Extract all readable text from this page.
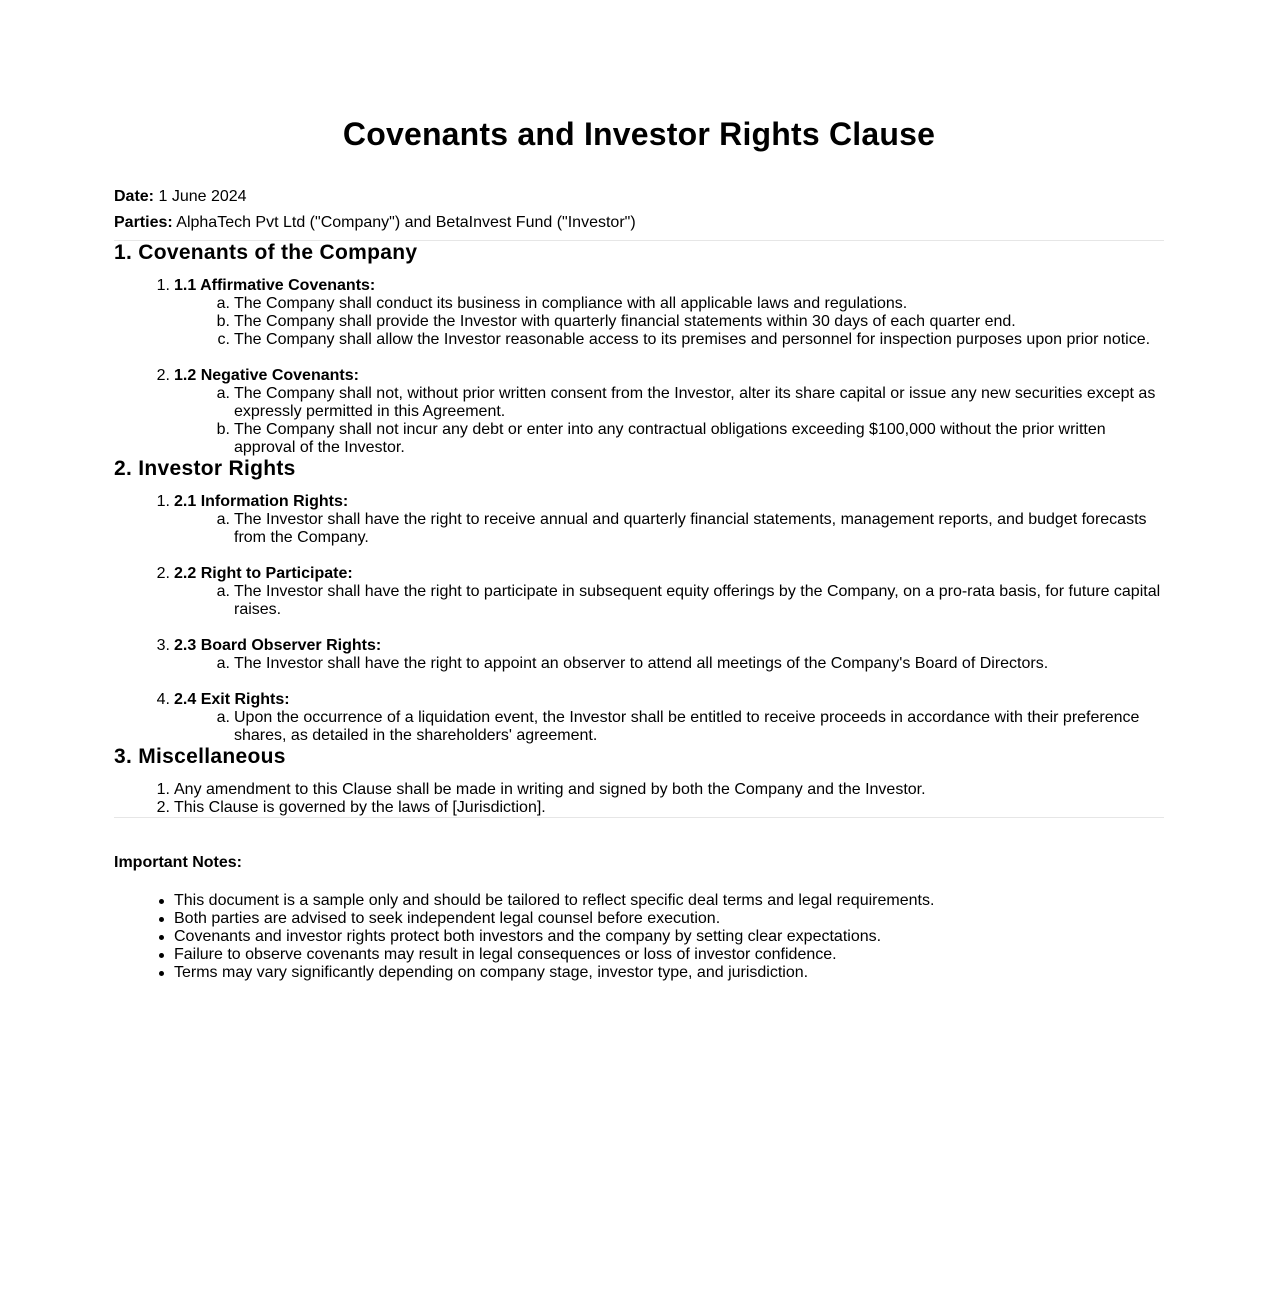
Covenants and Investor Rights Clause
Date: 1 June 2024
Parties: AlphaTech Pvt Ltd ("Company") and BetaInvest Fund ("Investor")
1. Covenants of the Company
1. 1.1 Affirmative Covenants:
a. The Company shall conduct its business in compliance with all applicable laws and regulations.
b. The Company shall provide the Investor with quarterly financial statements within 30 days of each quarter end.
c. The Company shall allow the Investor reasonable access to its premises and personnel for inspection purposes upon prior notice.
2. 1.2 Negative Covenants:
a. The Company shall not, without prior written consent from the Investor, alter its share capital or issue any new securities except as expressly permitted in this Agreement.
b. The Company shall not incur any debt or enter into any contractual obligations exceeding $100,000 without the prior written approval of the Investor.
2. Investor Rights
1. 2.1 Information Rights:
a. The Investor shall have the right to receive annual and quarterly financial statements, management reports, and budget forecasts from the Company.
2. 2.2 Right to Participate:
a. The Investor shall have the right to participate in subsequent equity offerings by the Company, on a pro-rata basis, for future capital raises.
3. 2.3 Board Observer Rights:
a. The Investor shall have the right to appoint an observer to attend all meetings of the Company's Board of Directors.
4. 2.4 Exit Rights:
a. Upon the occurrence of a liquidation event, the Investor shall be entitled to receive proceeds in accordance with their preference shares, as detailed in the shareholders' agreement.
3. Miscellaneous
1. Any amendment to this Clause shall be made in writing and signed by both the Company and the Investor.
2. This Clause is governed by the laws of [Jurisdiction].
Important Notes:
This document is a sample only and should be tailored to reflect specific deal terms and legal requirements.
Both parties are advised to seek independent legal counsel before execution.
Covenants and investor rights protect both investors and the company by setting clear expectations.
Failure to observe covenants may result in legal consequences or loss of investor confidence.
Terms may vary significantly depending on company stage, investor type, and jurisdiction.
